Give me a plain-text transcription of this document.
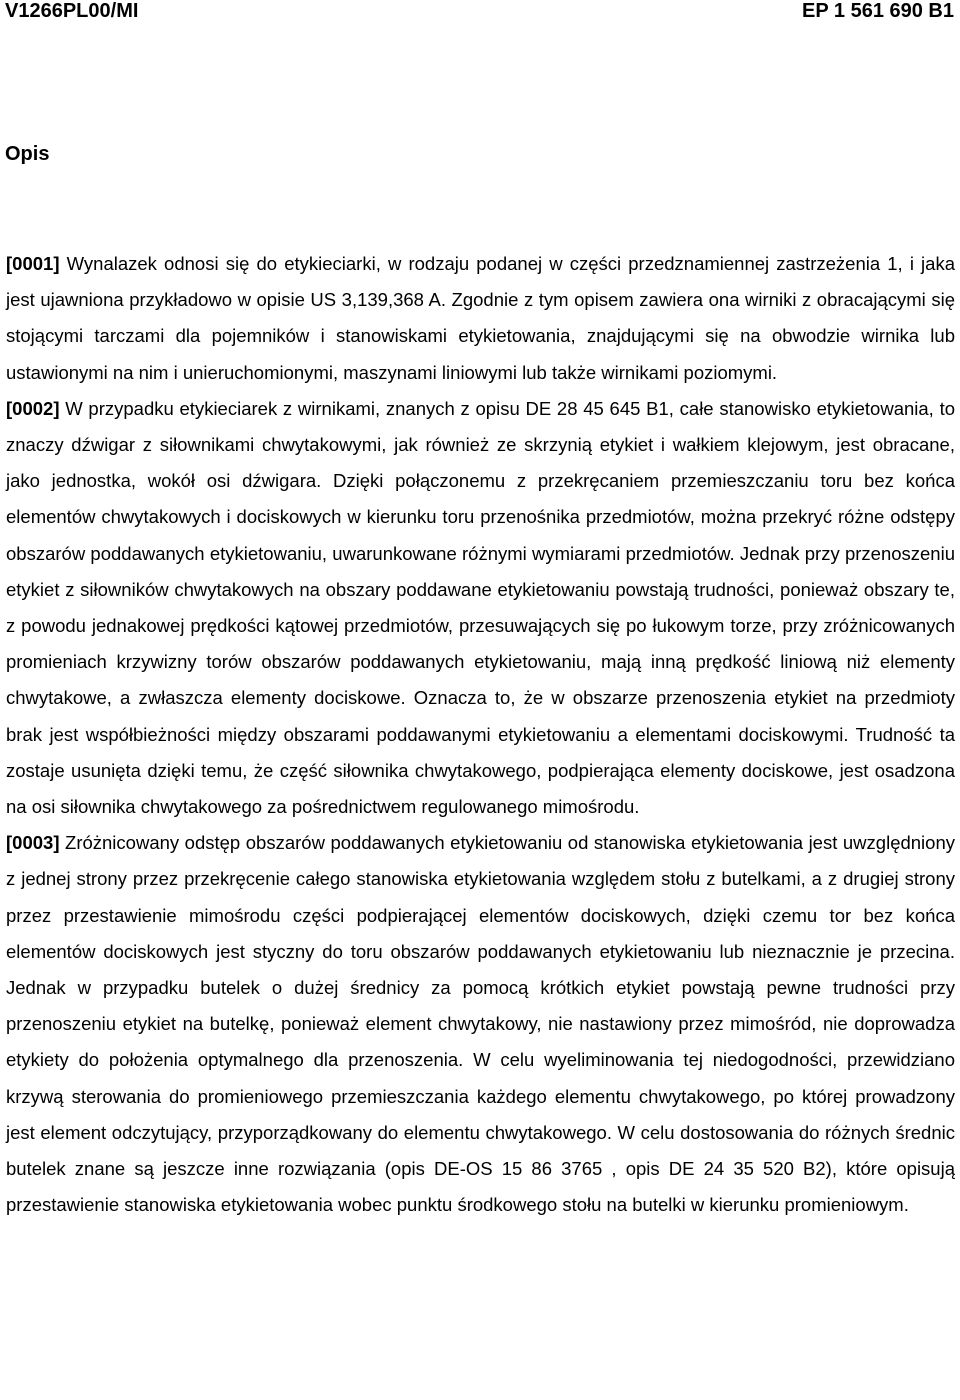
V1266PL00/MI	EP 1 561 690 B1
Opis

[0001] Wynalazek odnosi się do etykieciarki, w rodzaju podanej w części przedznamiennej zastrzeżenia 1, i jaka jest ujawniona przykładowo w opisie US 3,139,368 A. Zgodnie z tym opisem zawiera ona wirniki z obracającymi się stojącymi tarczami dla pojemników i stanowiskami etykietowania, znajdującymi się na obwodzie wirnika lub ustawionymi na nim i unieruchomionymi, maszynami liniowymi lub także wirnikami poziomymi.

[0002] W przypadku etykieciarek z wirnikami, znanych z opisu DE 28 45 645 B1, całe stanowisko etykietowania, to znaczy dźwigar z siłownikami chwytakowymi, jak również ze skrzynią etykiet i wałkiem klejowym, jest obracane, jako jednostka, wokół osi dźwigara. Dzięki połączonemu z przekręcaniem przemieszczaniu toru bez końca elementów chwytakowych i dociskowych w kierunku toru przenośnika przedmiotów, można przekryć różne odstępy obszarów poddawanych etykietowaniu, uwarunkowane różnymi wymiarami przedmiotów. Jednak przy przenoszeniu etykiet z siłowników chwytakowych na obszary poddawane etykietowaniu powstają trudności, ponieważ obszary te, z powodu jednakowej prędkości kątowej przedmiotów, przesuwających się po łukowym torze, przy zróżnicowanych promieniach krzywizny torów obszarów poddawanych etykietowaniu, mają inną prędkość liniową niż elementy chwytakowe, a zwłaszcza elementy dociskowe. Oznacza to, że w obszarze przenoszenia etykiet na przedmioty brak jest współbieżności między obszarami poddawanymi etykietowaniu a elementami dociskowymi. Trudność ta zostaje usunięta dzięki temu, że część siłownika chwytakowego, podpierająca elementy dociskowe, jest osadzona na osi siłownika chwytakowego za pośrednictwem regulowanego mimośrodu.

[0003] Zróżnicowany odstęp obszarów poddawanych etykietowaniu od stanowiska etykietowania jest uwzględniony z jednej strony przez przekręcenie całego stanowiska etykietowania względem stołu z butelkami, a z drugiej strony przez przestawienie mimośrodu części podpierającej elementów dociskowych, dzięki czemu tor bez końca elementów dociskowych jest styczny do toru obszarów poddawanych etykietowaniu lub nieznacznie je przecina. Jednak w przypadku butelek o dużej średnicy za pomocą krótkich etykiet powstają pewne trudności przy przenoszeniu etykiet na butelkę, ponieważ element chwytakowy, nie nastawiony przez mimośród, nie doprowadza etykiety do położenia optymalnego dla przenoszenia. W celu wyeliminowania tej niedogodności, przewidziano krzywą sterowania do promieniowego przemieszczania każdego elementu chwytakowego, po której prowadzony jest element odczytujący, przyporządkowany do elementu chwytakowego. W celu dostosowania do różnych średnic butelek znane są jeszcze inne rozwiązania (opis DE-OS 15 86 3765 , opis DE 24 35 520 B2), które opisują przestawienie stanowiska etykietowania wobec punktu środkowego stołu na butelki w kierunku promieniowym.
